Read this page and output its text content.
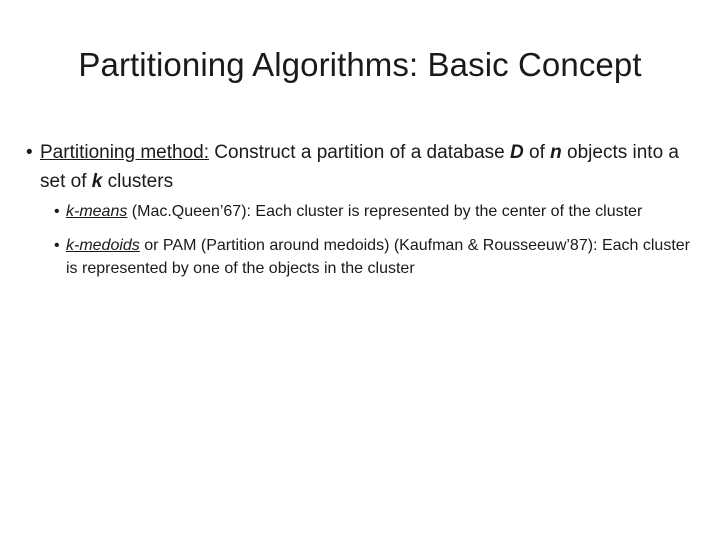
Partitioning Algorithms: Basic Concept

• Partitioning method: Construct a partition of a database D of n objects into a set of k clusters

• k-means (Mac.Queen’67): Each cluster is represented by the center of the cluster
• k-medoids or PAM (Partition around medoids) (Kaufman & Rousseeuw’87): Each cluster is represented by one of the objects in the cluster
